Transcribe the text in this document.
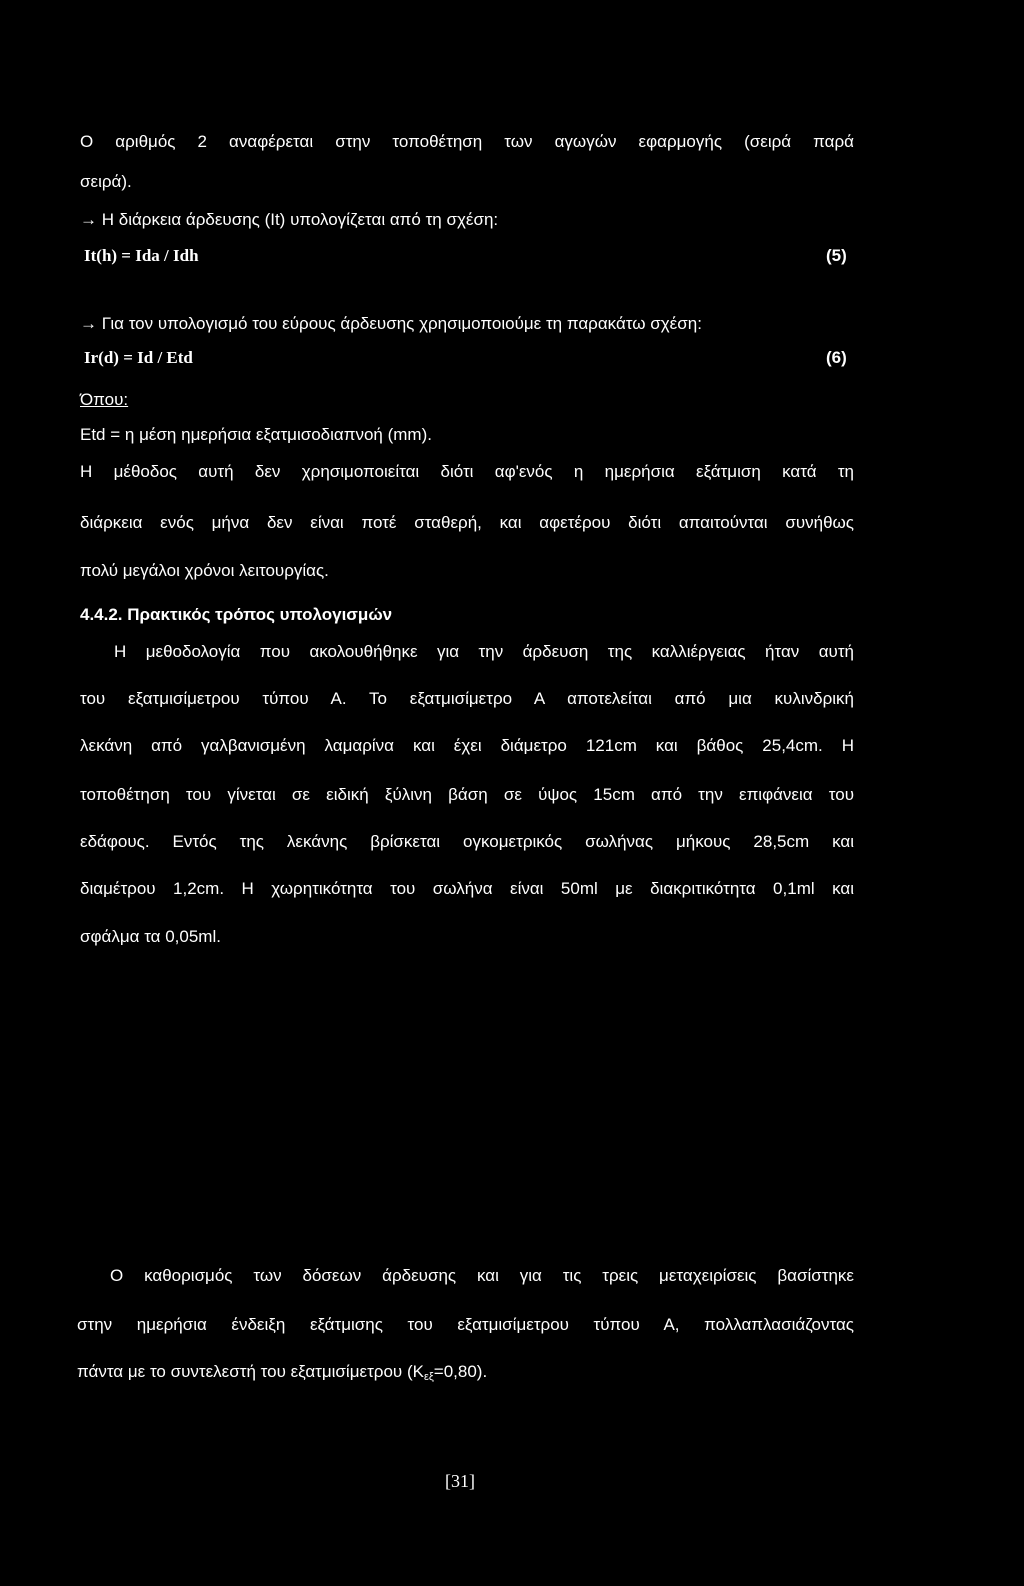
Ο αριθμός 2 αναφέρεται στην τοποθέτηση των αγωγών εφαρμογής (σειρά παρά
σειρά).
→ Η διάρκεια άρδευσης (It) υπολογίζεται από τη σχέση:
It(h) = Ida / Idh	(5)
→ Για τον υπολογισμό του εύρους άρδευσης χρησιμοποιούμε τη παρακάτω σχέση:
Ir(d) = Id / Etd	(6)
Όπου:
Etd = η μέση ημερήσια εξατμισοδιαπνοή (mm).
Η μέθοδος αυτή δεν χρησιμοποιείται διότι αφ'ενός η ημερήσια εξάτμιση κατά τη
διάρκεια ενός μήνα δεν είναι ποτέ σταθερή, και αφετέρου διότι απαιτούνται συνήθως
πολύ μεγάλοι χρόνοι λειτουργίας.
4.4.2. Πρακτικός τρόπος υπολογισμών
Η μεθοδολογία που ακολουθήθηκε για την άρδευση της καλλιέργειας ήταν αυτή
του εξατμισίμετρου τύπου Α. Το εξατμισίμετρο Α αποτελείται από μια κυλινδρική
λεκάνη από γαλβανισμένη λαμαρίνα και έχει διάμετρο 121cm και βάθος 25,4cm. Η
τοποθέτηση του γίνεται σε ειδική ξύλινη βάση σε ύψος 15cm από την επιφάνεια του
εδάφους. Εντός της λεκάνης βρίσκεται ογκομετρικός σωλήνας μήκους 28,5cm και
διαμέτρου 1,2cm. Η χωρητικότητα του σωλήνα είναι 50ml με διακριτικότητα 0,1ml και
σφάλμα τα 0,05ml.
Ο καθορισμός των δόσεων άρδευσης και για τις τρεις μεταχειρίσεις βασίστηκε
στην ημερήσια ένδειξη εξάτμισης του εξατμισίμετρου τύπου Α, πολλαπλασιάζοντας
πάντα με το συντελεστή του εξατμισίμετρου $(K_{\varepsilon\xi}=0,80)$.
[31]
